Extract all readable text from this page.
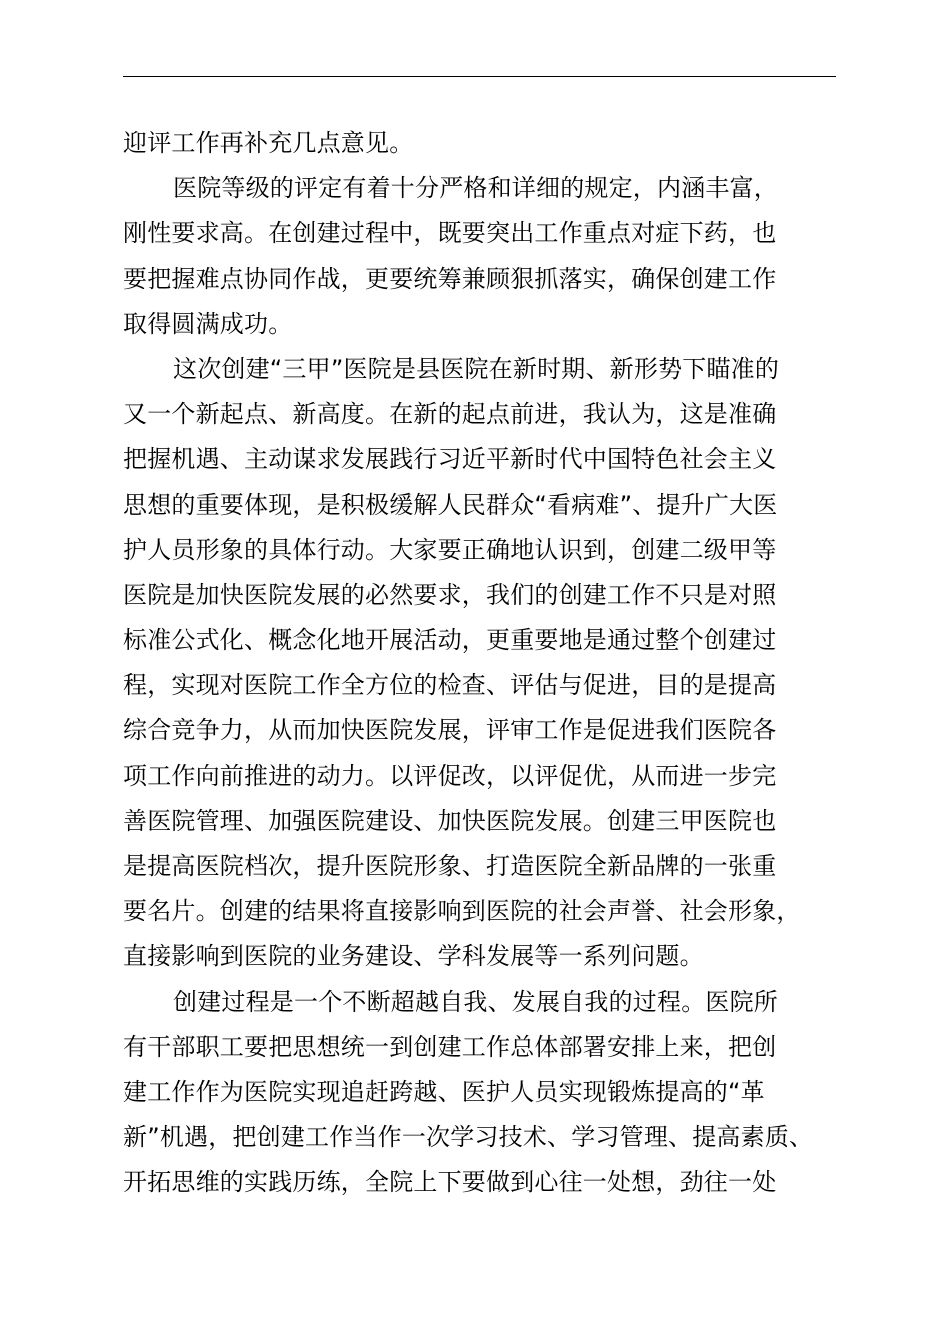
迎评工作再补充几点意见。
医院等级的评定有着十分严格和详细的规定，内涵丰富，
刚性要求高。在创建过程中，既要突出工作重点对症下药，也
要把握难点协同作战，更要统筹兼顾狠抓落实，确保创建工作
取得圆满成功。
这次创建“三甲”医院是县医院在新时期、新形势下瞄准的
又一个新起点、新高度。在新的起点前进，我认为，这是准确
把握机遇、主动谋求发展践行习近平新时代中国特色社会主义
思想的重要体现，是积极缓解人民群众“看病难”、提升广大医
护人员形象的具体行动。大家要正确地认识到，创建二级甲等
医院是加快医院发展的必然要求，我们的创建工作不只是对照
标准公式化、概念化地开展活动，更重要地是通过整个创建过
程，实现对医院工作全方位的检查、评估与促进，目的是提高
综合竞争力，从而加快医院发展，评审工作是促进我们医院各
项工作向前推进的动力。以评促改，以评促优，从而进一步完
善医院管理、加强医院建设、加快医院发展。创建三甲医院也
是提高医院档次，提升医院形象、打造医院全新品牌的一张重
要名片。创建的结果将直接影响到医院的社会声誉、社会形象，
直接影响到医院的业务建设、学科发展等一系列问题。
创建过程是一个不断超越自我、发展自我的过程。医院所
有干部职工要把思想统一到创建工作总体部署安排上来，把创
建工作作为医院实现追赶跨越、医护人员实现锻炼提高的“革
新”机遇，把创建工作当作一次学习技术、学习管理、提高素质、
开拓思维的实践历练，全院上下要做到心往一处想，劲往一处
